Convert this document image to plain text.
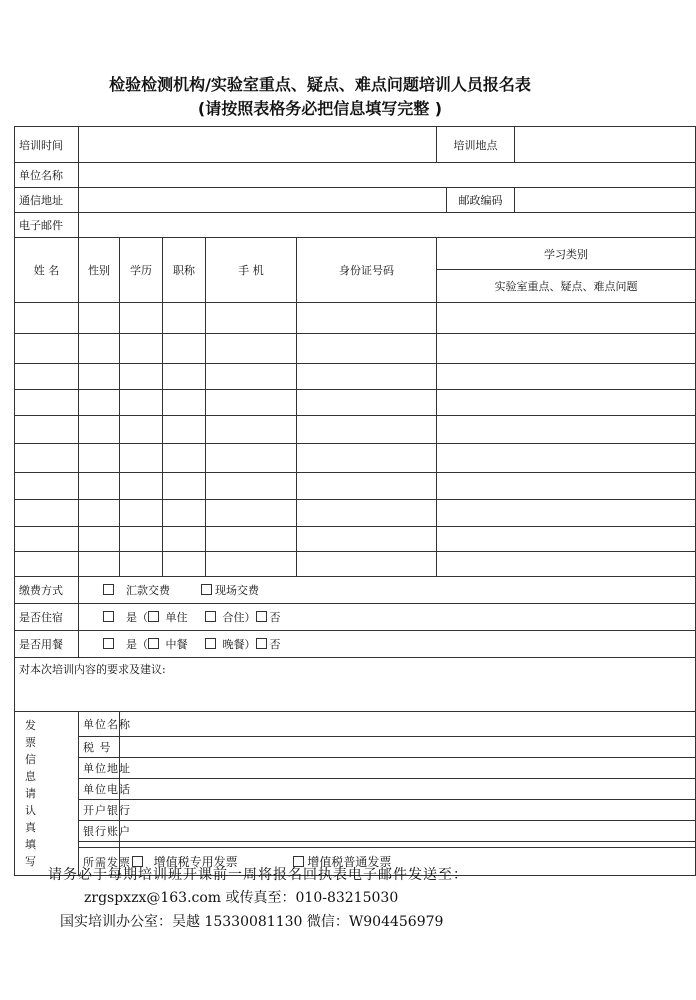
检验检测机构/实验室重点、疑点、难点问题培训人员报名表
(请按照表格务必把信息填写完整 )
培训时间						培训地点		
单位名称								
通信地址							邮政编码	
电子邮件								
姓 名	性别	学历	职称	手 机	身份证号码	学习类别		
						实验室重点、疑点、难点问题		

缴费方式	汇款交费 现场交费							
是否住宿	是（ 单住 合住） 否							
是否用餐	是（ 中餐 晚餐） 否							
对本次培训内容的要求及建议:								

发票信息请认真填写	单位名称							
	税 号							
	单位地址							
	单位电话							
	开户银行							
	银行账户							

	所需发票	增值税专用发票 增值税普通发票						
请务必于每期培训班开课前一周将报名回执表电子邮件发送至：
zrgspxzx@163.com 或传真至：010-83215030
国实培训办公室：吴越 15330081130 微信：W904456979
